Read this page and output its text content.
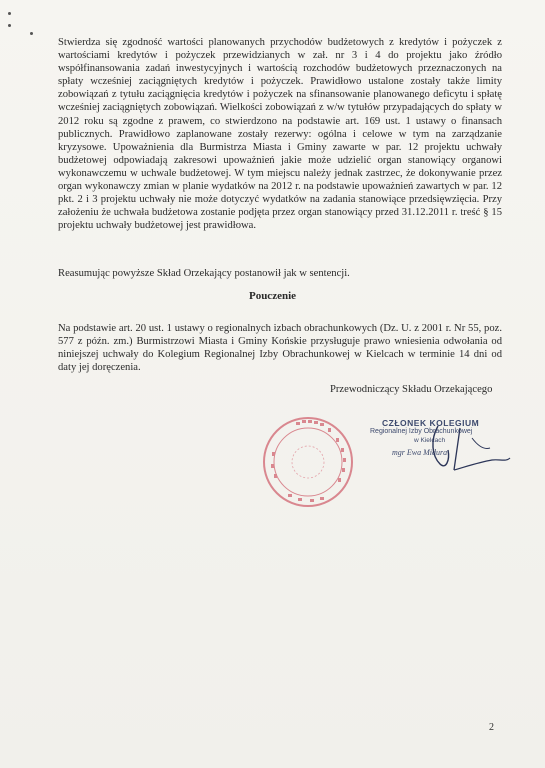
Stwierdza się zgodność wartości planowanych przychodów budżetowych z kredytów i pożyczek z wartościami kredytów i pożyczek przewidzianych w zał. nr 3 i 4 do projektu jako źródło współfinansowania zadań inwestycyjnych i wartością rozchodów budżetowych przeznaczonych na spłaty wcześniej zaciągniętych kredytów i pożyczek. Prawidłowo ustalone zostały także limity zobowiązań z tytułu zaciągnięcia kredytów i pożyczek na sfinansowanie planowanego deficytu i spłatę wcześniej zaciągniętych zobowiązań. Wielkości zobowiązań z w/w tytułów przypadających do spłaty w 2012 roku są zgodne z prawem, co stwierdzono na podstawie art. 169 ust. 1 ustawy o finansach publicznych. Prawidłowo zaplanowane zostały rezerwy: ogólna i celowe w tym na zarządzanie kryzysowe. Upoważnienia dla Burmistrza Miasta i Gminy zawarte w par. 12 projektu uchwały budżetowej odpowiadają zakresowi upoważnień jakie może udzielić organ stanowiący organowi wykonawczemu w uchwale budżetowej. W tym miejscu należy jednak zastrzec, że dokonywanie przez organ wykonawczy zmian w planie wydatków na 2012 r. na podstawie upoważnień zawartych w par. 12 pkt. 2 i 3 projektu uchwały nie może dotyczyć wydatków na zadania stanowiące przedsięwzięcia. Przy założeniu że uchwała budżetowa zostanie podjęta przez organ stanowiący przed 31.12.2011 r. treść § 15 projektu uchwały budżetowej jest prawidłowa.

Reasumując powyższe Skład Orzekający postanowił jak w sentencji.

Pouczenie

Na podstawie art. 20 ust. 1 ustawy o regionalnych izbach obrachunkowych (Dz. U. z 2001 r. Nr 55, poz. 577 z późn. zm.) Burmistrzowi Miasta i Gminy Końskie przysługuje prawo wniesienia odwołania od niniejszej uchwały do Kolegium Regionalnej Izby Obrachunkowej w Kielcach w terminie 14 dni od daty jej doręczenia.

Przewodniczący Składu Orzekającego

CZŁONEK KOLEGIUM

Regionalnej Izby Obrachunkowej

w Kielcach

mgr Ewa Midura

2
